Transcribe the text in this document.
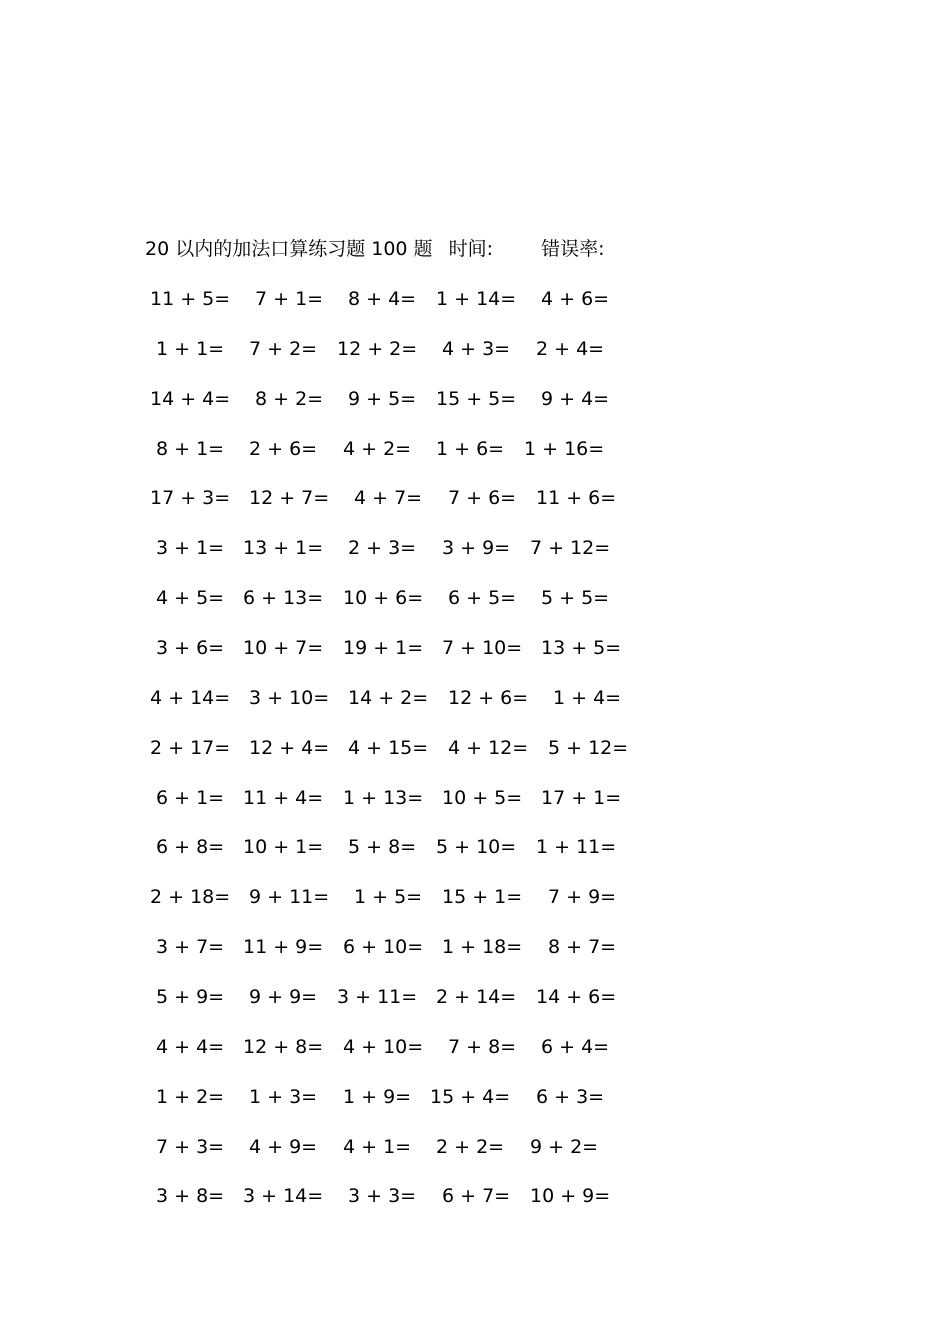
20 以内的加法口算练习题 100 题 时间:	错误率:
11 + 5= 7 + 1= 8 + 4= 1 + 14= 4 + 6=
1 + 1= 7 + 2= 12 + 2= 4 + 3= 2 + 4=
14 + 4= 8 + 2= 9 + 5= 15 + 5= 9 + 4=
8 + 1= 2 + 6= 4 + 2= 1 + 6= 1 + 16=
17 + 3= 12 + 7= 4 + 7= 7 + 6= 11 + 6=
3 + 1= 13 + 1= 2 + 3= 3 + 9= 7 + 12=
4 + 5= 6 + 13= 10 + 6= 6 + 5= 5 + 5=
3 + 6= 10 + 7= 19 + 1= 7 + 10= 13 + 5=
4 + 14= 3 + 10= 14 + 2= 12 + 6= 1 + 4=
2 + 17= 12 + 4= 4 + 15= 4 + 12= 5 + 12=
6 + 1= 11 + 4= 1 + 13= 10 + 5= 17 + 1=
6 + 8= 10 + 1= 5 + 8= 5 + 10= 1 + 11=
2 + 18= 9 + 11= 1 + 5= 15 + 1= 7 + 9=
3 + 7= 11 + 9= 6 + 10= 1 + 18= 8 + 7=
5 + 9= 9 + 9= 3 + 11= 2 + 14= 14 + 6=
4 + 4= 12 + 8= 4 + 10= 7 + 8= 6 + 4=
1 + 2= 1 + 3= 1 + 9= 15 + 4= 6 + 3=
7 + 3= 4 + 9= 4 + 1= 2 + 2= 9 + 2=
3 + 8= 3 + 14= 3 + 3= 6 + 7= 10 + 9=
